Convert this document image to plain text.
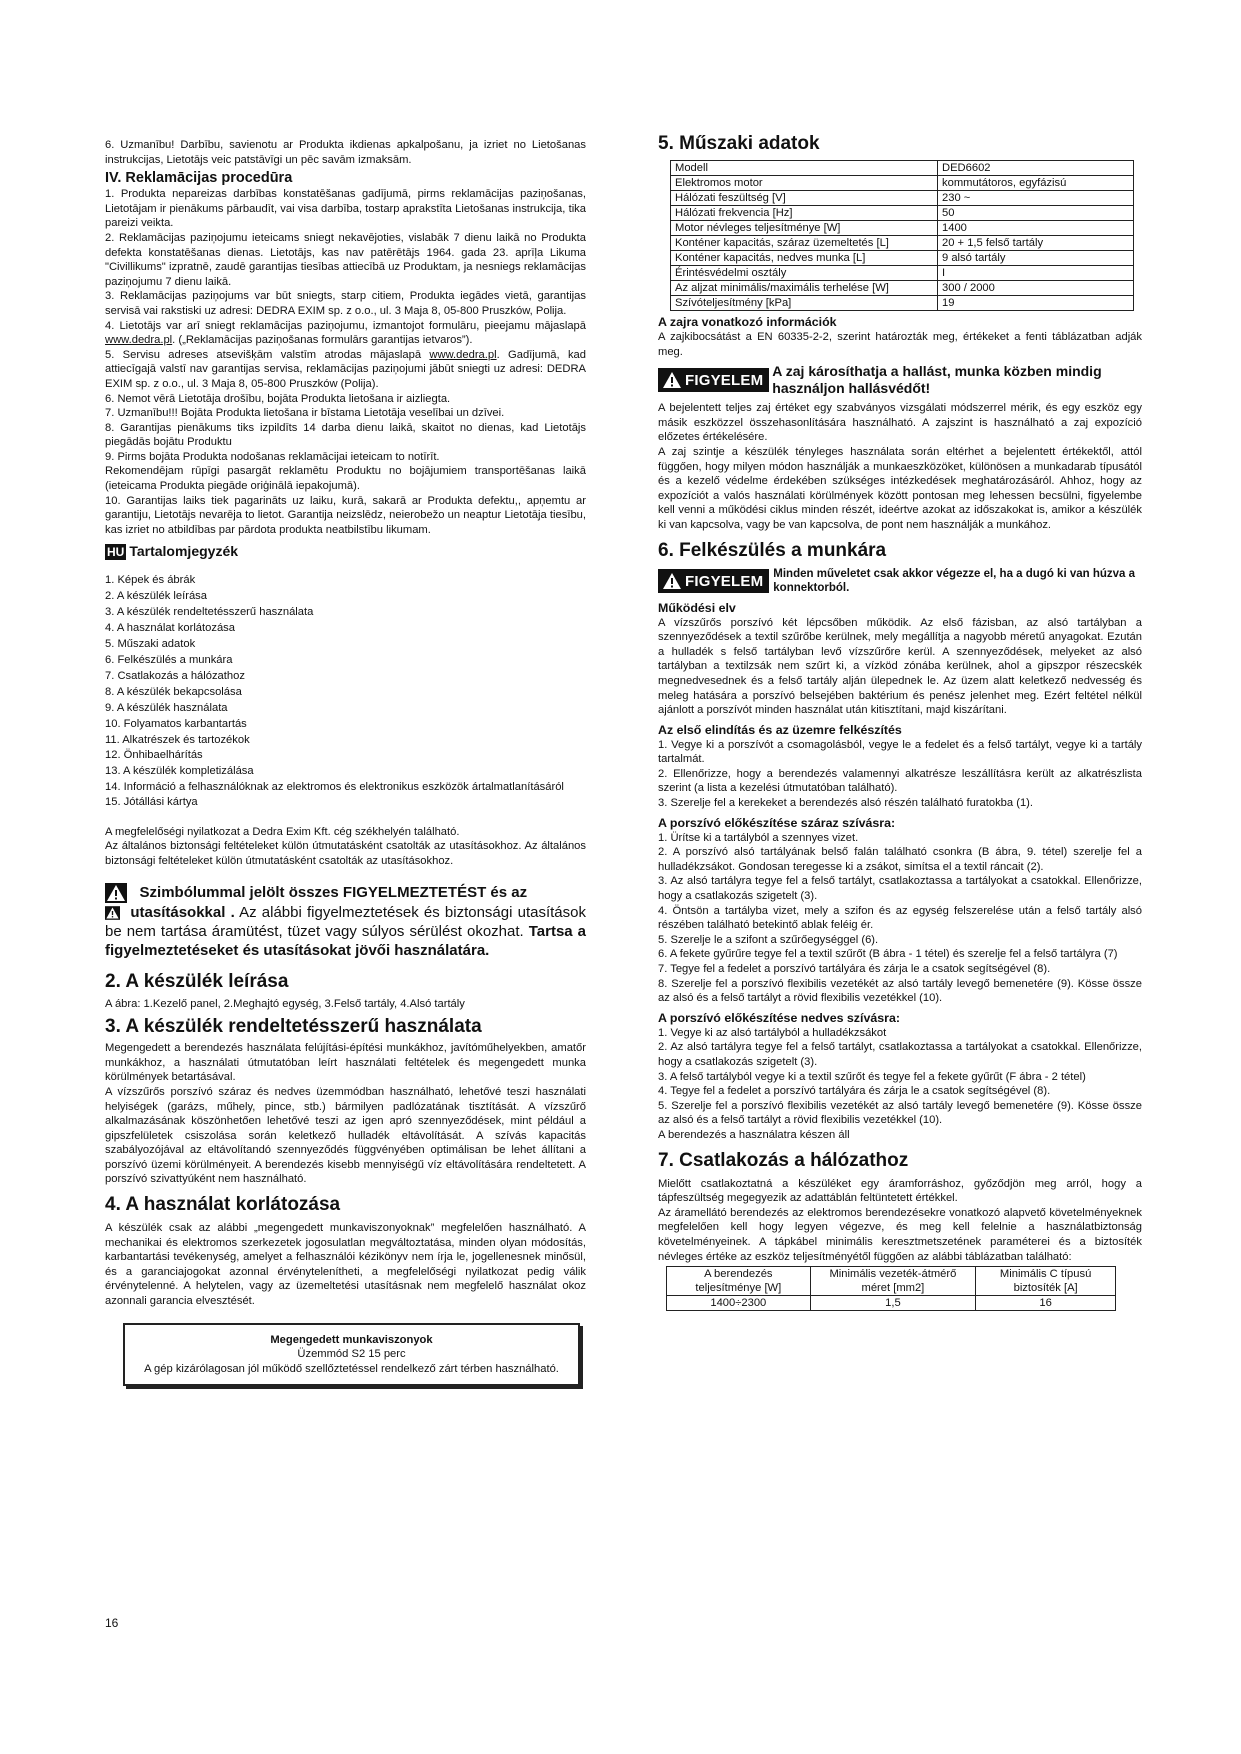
6. Uzmanību! Darbību, savienotu ar Produkta ikdienas apkalpošanu, ja izriet no Lietošanas instrukcijas, Lietotājs veic patstāvīgi un pēc savām izmaksām.

IV. Reklamācijas procedūra

1. Produkta nepareizas darbības konstatēšanas gadījumā, pirms reklamācijas paziņošanas, Lietotājam ir pienākums pārbaudīt, vai visa darbība, tostarp aprakstīta Lietošanas instrukcija, tika pareizi veikta.

2. Reklamācijas paziņojumu ieteicams sniegt nekavējoties, vislabāk 7 dienu laikā no Produkta defekta konstatēšanas dienas. Lietotājs, kas nav patērētājs 1964. gada 23. aprīļa Likuma "Civillikums" izpratnē, zaudē garantijas tiesības attiecībā uz Produktam, ja nesniegs reklamācijas paziņojumu 7 dienu laikā.

3. Reklamācijas paziņojums var būt sniegts, starp citiem, Produkta iegādes vietā, garantijas servisā vai rakstiski uz adresi: DEDRA EXIM sp. z o.o., ul. 3 Maja 8, 05-800 Pruszków, Polija.

4. Lietotājs var arī sniegt reklamācijas paziņojumu, izmantojot formulāru, pieejamu mājaslapā www.dedra.pl. („Reklamācijas paziņošanas formulārs garantijas ietvaros”).

5. Servisu adreses atsevišķām valstīm atrodas mājaslapā www.dedra.pl. Gadījumā, kad attiecīgajā valstī nav garantijas servisa, reklamācijas paziņojumi jābūt sniegti uz adresi: DEDRA EXIM sp. z o.o., ul. 3 Maja 8, 05-800 Pruszków (Polija).

6. Nemot vērā Lietotāja drošību, bojāta Produkta lietošana ir aizliegta.

7. Uzmanību!!! Bojāta Produkta lietošana ir bīstama Lietotāja veselībai un dzīvei.

8. Garantijas pienākums tiks izpildīts 14 darba dienu laikā, skaitot no dienas, kad Lietotājs piegādās bojātu Produktu

9. Pirms bojāta Produkta nodošanas reklamācijai ieteicam to notīrīt.

Rekomendējam rūpīgi pasargāt reklamētu Produktu no bojājumiem transportēšanas laikā (ieteicama Produkta piegāde oriģinālā iepakojumā).

10. Garantijas laiks tiek pagarināts uz laiku, kurā, sakarā ar Produkta defektu,, apņemtu ar garantiju, Lietotājs nevarēja to lietot. Garantija neizslēdz, neierobežo un neaptur Lietotāja tiesību, kas izriet no atbildības par pārdota produkta neatbilstību likumam.

HU Tartalomjegyzék
1. Képek és ábrák
2. A készülék leírása
3. A készülék rendeltetésszerű használata
4. A használat korlátozása
5. Műszaki adatok
6. Felkészülés a munkára
7. Csatlakozás a hálózathoz
8. A készülék bekapcsolása
9. A készülék használata
10. Folyamatos karbantartás
11. Alkatrészek és tartozékok
12. Önhibaelhárítás
13. A készülék kompletizálása
14. Információ a felhasználóknak az elektromos és elektronikus eszközök ártalmatlanításáról
15. Jótállási kártya

A megfelelőségi nyilatkozat a Dedra Exim Kft. cég székhelyén található.

Az általános biztonsági feltételeket külön útmutatásként csatolták az utasításokhoz. Az általános biztonsági feltételeket külön útmutatásként csatolták az utasításokhoz.

Szimbólummal jelölt összes FIGYELMEZTETÉST és az
utasításokkal . Az alábbi figyelmeztetések és biztonsági utasítások be nem tartása áramütést, tüzet vagy súlyos sérülést okozhat. Tartsa a figyelmeztetéseket és utasításokat jövői használatára.
2. A készülék leírása

A ábra: 1.Kezelő panel, 2.Meghajtó egység, 3.Felső tartály, 4.Alsó tartály

3. A készülék rendeltetésszerű használata

Megengedett a berendezés használata felújítási-építési munkákhoz, javítóműhelyekben, amatőr munkákhoz, a használati útmutatóban leírt használati feltételek és megengedett munka körülmények betartásával.

A vízszűrős porszívó száraz és nedves üzemmódban használható, lehetővé teszi használati helyiségek (garázs, műhely, pince, stb.) bármilyen padlózatának tisztítását. A vízszűrő alkalmazásának köszönhetően lehetővé teszi az igen apró szennyeződések, mint például a gipszfelületek csiszolása során keletkező hulladék eltávolítását. A szívás kapacitás szabályozójával az eltávolítandó szennyeződés függvényében optimálisan be lehet állítani a porszívó üzemi körülményeit. A berendezés kisebb mennyiségű víz eltávolítására rendeltetett. A porszívó szivattyúként nem használható.

4. A használat korlátozása

A készülék csak az alábbi „megengedett munkaviszonyoknak” megfelelően használható. A mechanikai és elektromos szerkezetek jogosulatlan megváltoztatása, minden olyan módosítás, karbantartási tevékenység, amelyet a felhasználói kézikönyv nem írja le, jogellenesnek minősül, és a garanciajogokat azonnal érvénytelenítheti, a megfelelőségi nyilatkozat pedig válik érvénytelenné. A helytelen, vagy az üzemeltetési utasításnak nem megfelelő használat okoz azonnali garancia elvesztését.

Megengedett munkaviszonyok
Üzemmód S2 15 perc
A gép kizárólagosan jól működő szellőztetéssel rendelkező zárt térben használható.
5. Műszaki adatok
Modell	DED6602
Elektromos motor	kommutátoros, egyfázisú
Hálózati feszültség [V]	230 ~
Hálózati frekvencia [Hz]	50
Motor névleges teljesítménye [W]	1400
Konténer kapacitás, száraz üzemeltetés [L]	20 + 1,5 felső tartály
Konténer kapacitás, nedves munka [L]	9 alsó tartály
Érintésvédelmi osztály	I
Az aljzat minimális/maximális terhelése [W]	300 / 2000
Szívóteljesítmény [kPa]	19
A zajra vonatkozó információk

A zajkibocsátást a EN 60335-2-2, szerint határozták meg, értékeket a fenti táblázatban adják meg.

FIGYELEM
A zaj károsíthatja a hallást, munka közben mindig használjon hallásvédőt!

A bejelentett teljes zaj értéket egy szabványos vizsgálati módszerrel mérik, és egy eszköz egy másik eszközzel összehasonlítására használható. A zajszint is használható a zaj expozíció előzetes értékelésére.

A zaj szintje a készülék tényleges használata során eltérhet a bejelentett értékektől, attól függően, hogy milyen módon használják a munkaeszközöket, különösen a munkadarab típusától és a kezelő védelme érdekében szükséges intézkedések meghatározásáról. Ahhoz, hogy az expozíciót a valós használati körülmények között pontosan meg lehessen becsülni, figyelembe kell venni a működési ciklus minden részét, ideértve azokat az időszakokat is, amikor a készülék ki van kapcsolva, vagy be van kapcsolva, de pont nem használják a munkához.

6. Felkészülés a munkára
FIGYELEM Minden műveletet csak akkor végezze el, ha a dugó ki van húzva a konnektorból.
Működési elv

A vízszűrős porszívó két lépcsőben működik. Az első fázisban, az alsó tartályban a szennyeződések a textil szűrőbe kerülnek, mely megállítja a nagyobb méretű anyagokat. Ezután a hulladék s felső tartályban levő vízszűrőre kerül. A szennyeződések, melyeket az alsó tartályban a textilzsák nem szűrt ki, a vízköd zónába kerülnek, ahol a gipszpor részecskék megnedvesednek és a felső tartály alján ülepednek le. Az üzem alatt keletkező nedvesség és meleg hatására a porszívó belsejében baktérium és penész jelenhet meg. Ezért feltétel nélkül ajánlott a porszívót minden használat után kitisztítani, majd kiszárítani.

Az első elindítás és az üzemre felkészítés

1. Vegye ki a porszívót a csomagolásból, vegye le a fedelet és a felső tartályt, vegye ki a tartály tartalmát.

2. Ellenőrizze, hogy a berendezés valamennyi alkatrésze leszállításra került az alkatrészlista szerint (a lista a kezelési útmutatóban található).

3. Szerelje fel a kerekeket a berendezés alsó részén található furatokba (1).

A porszívó előkészítése száraz szívásra:

1. Ürítse ki a tartályból a szennyes vizet.

2. A porszívó alsó tartályának belső falán található csonkra (B ábra, 9. tétel) szerelje fel a hulladékzsákot. Gondosan teregesse ki a zsákot, simítsa el a textil ráncait (2).

3. Az alsó tartályra tegye fel a felső tartályt, csatlakoztassa a tartályokat a csatokkal. Ellenőrizze, hogy a csatlakozás szigetelt (3).

4. Öntsön a tartályba vizet, mely a szifon és az egység felszerelése után a felső tartály alsó részében található betekintő ablak feléig ér.

5. Szerelje le a szifont a szűrőegységgel (6).

6. A fekete gyűrűre tegye fel a textil szűrőt (B ábra - 1 tétel) és szerelje fel a felső tartályra (7)

7. Tegye fel a fedelet a porszívó tartályára és zárja le a csatok segítségével (8).

8. Szerelje fel a porszívó flexibilis vezetékét az alsó tartály levegő bemenetére (9). Kösse össze az alsó és a felső tartályt a rövid flexibilis vezetékkel (10).

A porszívó előkészítése nedves szívásra:

1. Vegye ki az alsó tartályból a hulladékzsákot

2. Az alsó tartályra tegye fel a felső tartályt, csatlakoztassa a tartályokat a csatokkal. Ellenőrizze, hogy a csatlakozás szigetelt (3).

3. A felső tartályból vegye ki a textil szűrőt és tegye fel a fekete gyűrűt (F ábra - 2 tétel)

4. Tegye fel a fedelet a porszívó tartályára és zárja le a csatok segítségével (8).

5. Szerelje fel a porszívó flexibilis vezetékét az alsó tartály levegő bemenetére (9). Kösse össze az alsó és a felső tartályt a rövid flexibilis vezetékkel (10).

A berendezés a használatra készen áll

7. Csatlakozás a hálózathoz

Mielőtt csatlakoztatná a készüléket egy áramforráshoz, győződjön meg arról, hogy a tápfeszültség megegyezik az adattáblán feltüntetett értékkel.

Az áramellátó berendezés az elektromos berendezésekre vonatkozó alapvető követelményeknek megfelelően kell hogy legyen végezve, és meg kell felelnie a használatbiztonság követelményeinek. A tápkábel minimális keresztmetszetének paraméterei és a biztosíték névleges értéke az eszköz teljesítményétől függően az alábbi táblázatban található:

A berendezés teljesítménye [W]	Minimális vezeték-átmérő méret [mm2]	Minimális C típusú biztosíték [A]
1400÷2300	1,5	16
16
